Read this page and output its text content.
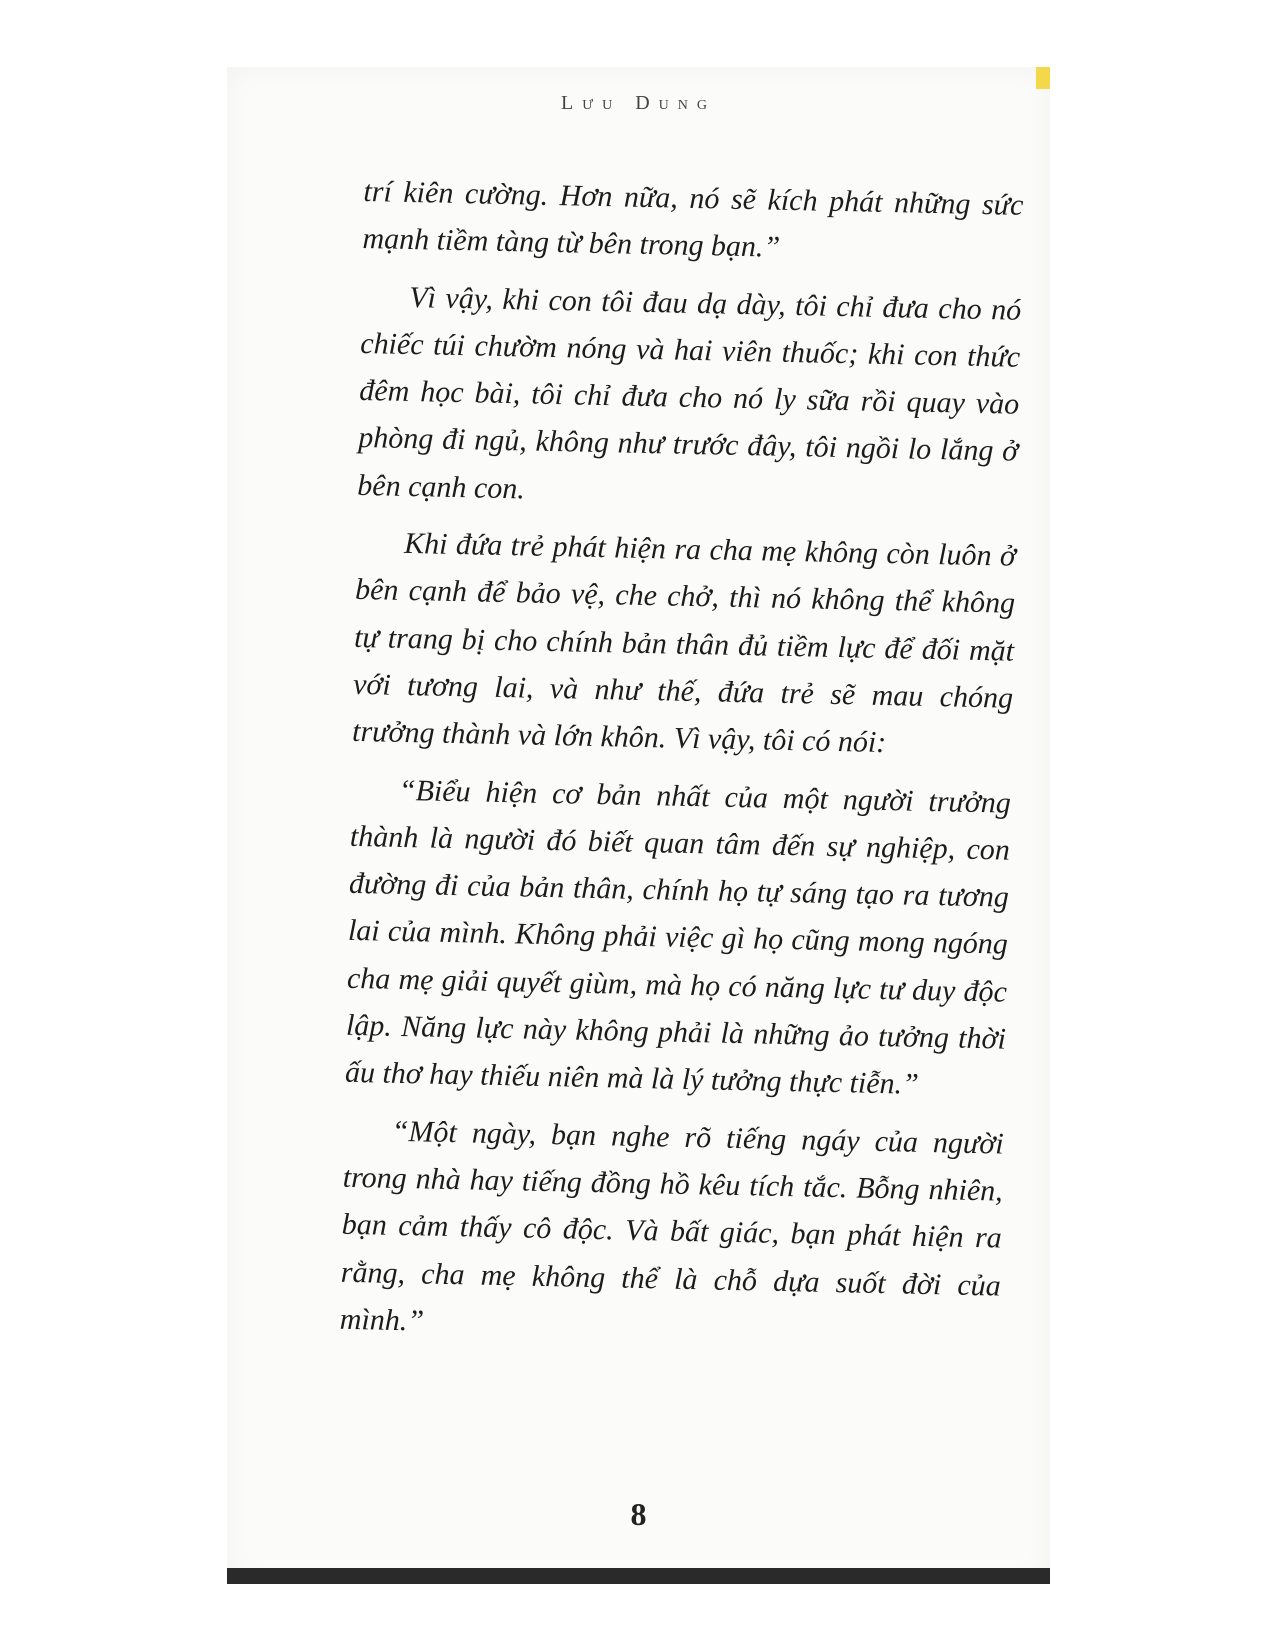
Lưu Dung

trí kiên cường. Hơn nữa, nó sẽ kích phát những sức mạnh tiềm tàng từ bên trong bạn.”

Vì vậy, khi con tôi đau dạ dày, tôi chỉ đưa cho nó chiếc túi chườm nóng và hai viên thuốc; khi con thức đêm học bài, tôi chỉ đưa cho nó ly sữa rồi quay vào phòng đi ngủ, không như trước đây, tôi ngồi lo lắng ở bên cạnh con.

Khi đứa trẻ phát hiện ra cha mẹ không còn luôn ở bên cạnh để bảo vệ, che chở, thì nó không thể không tự trang bị cho chính bản thân đủ tiềm lực để đối mặt với tương lai, và như thế, đứa trẻ sẽ mau chóng trưởng thành và lớn khôn. Vì vậy, tôi có nói:

“Biểu hiện cơ bản nhất của một người trưởng thành là người đó biết quan tâm đến sự nghiệp, con đường đi của bản thân, chính họ tự sáng tạo ra tương lai của mình. Không phải việc gì họ cũng mong ngóng cha mẹ giải quyết giùm, mà họ có năng lực tư duy độc lập. Năng lực này không phải là những ảo tưởng thời ấu thơ hay thiếu niên mà là lý tưởng thực tiễn.”

“Một ngày, bạn nghe rõ tiếng ngáy của người trong nhà hay tiếng đồng hồ kêu tích tắc. Bỗng nhiên, bạn cảm thấy cô độc. Và bất giác, bạn phát hiện ra rằng, cha mẹ không thể là chỗ dựa suốt đời của mình.”

8
